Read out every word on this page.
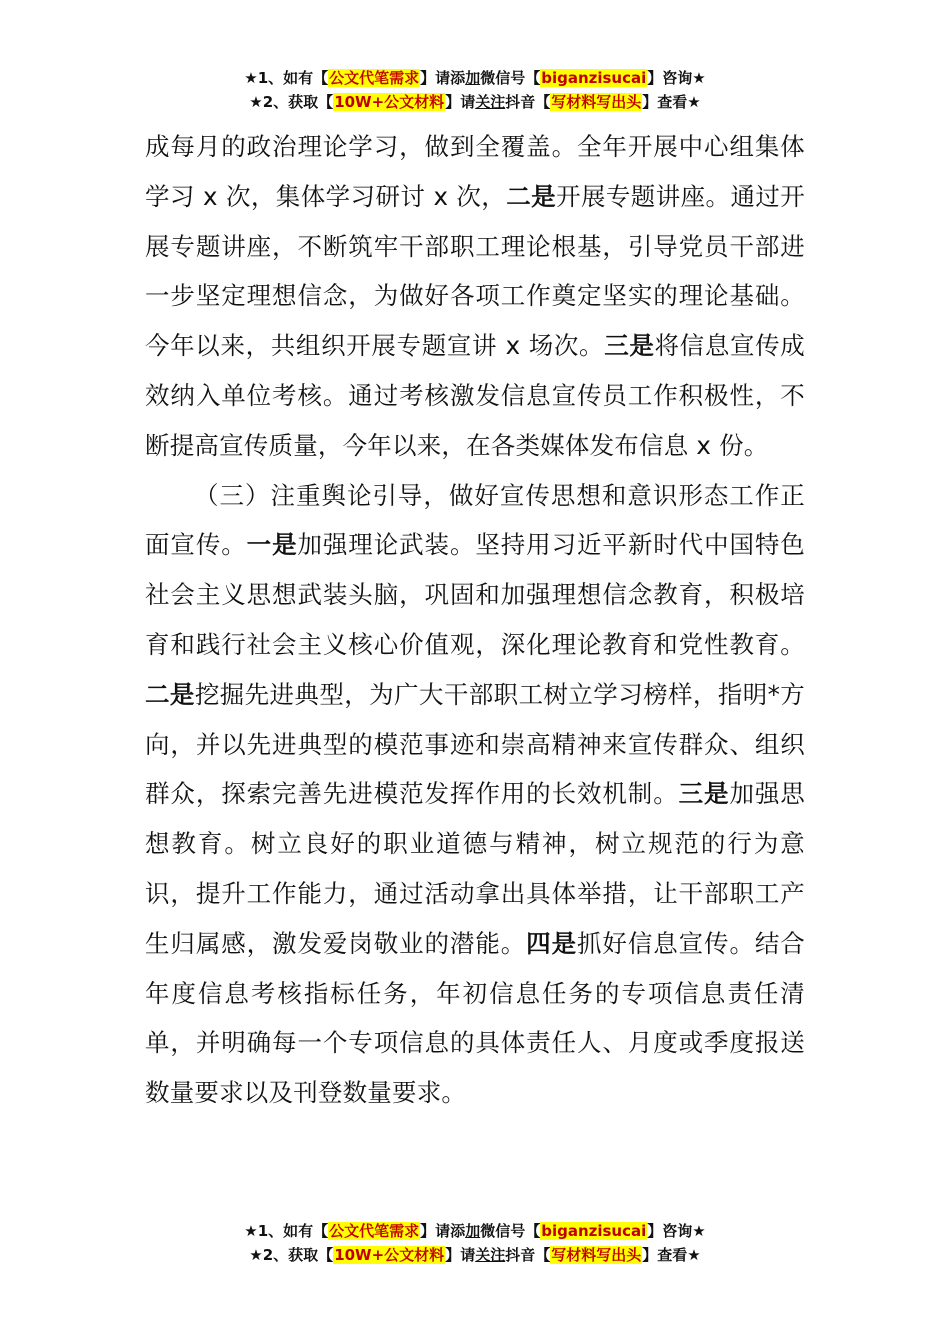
★1、如有【公文代笔需求】请添加微信号【biganzisucai】咨询★
★2、获取【10W+公文材料】请关注抖音【写材料写出头】查看★

成每月的政治理论学习，做到全覆盖。全年开展中心组集体学习 x 次，集体学习研讨 x 次，二是开展专题讲座。通过开展专题讲座，不断筑牢干部职工理论根基，引导党员干部进一步坚定理想信念，为做好各项工作奠定坚实的理论基础。今年以来，共组织开展专题宣讲 x 场次。三是将信息宣传成效纳入单位考核。通过考核激发信息宣传员工作积极性，不断提高宣传质量，今年以来，在各类媒体发布信息 x 份。

（三）注重舆论引导，做好宣传思想和意识形态工作正面宣传。一是加强理论武装。坚持用习近平新时代中国特色社会主义思想武装头脑，巩固和加强理想信念教育，积极培育和践行社会主义核心价值观，深化理论教育和党性教育。二是挖掘先进典型，为广大干部职工树立学习榜样，指明*方向，并以先进典型的模范事迹和崇高精神来宣传群众、组织群众，探索完善先进模范发挥作用的长效机制。三是加强思想教育。树立良好的职业道德与精神，树立规范的行为意识，提升工作能力，通过活动拿出具体举措，让干部职工产生归属感，激发爱岗敬业的潜能。四是抓好信息宣传。结合年度信息考核指标任务，年初信息任务的专项信息责任清单，并明确每一个专项信息的具体责任人、月度或季度报送数量要求以及刊登数量要求。

★1、如有【公文代笔需求】请添加微信号【biganzisucai】咨询★
★2、获取【10W+公文材料】请关注抖音【写材料写出头】查看★
